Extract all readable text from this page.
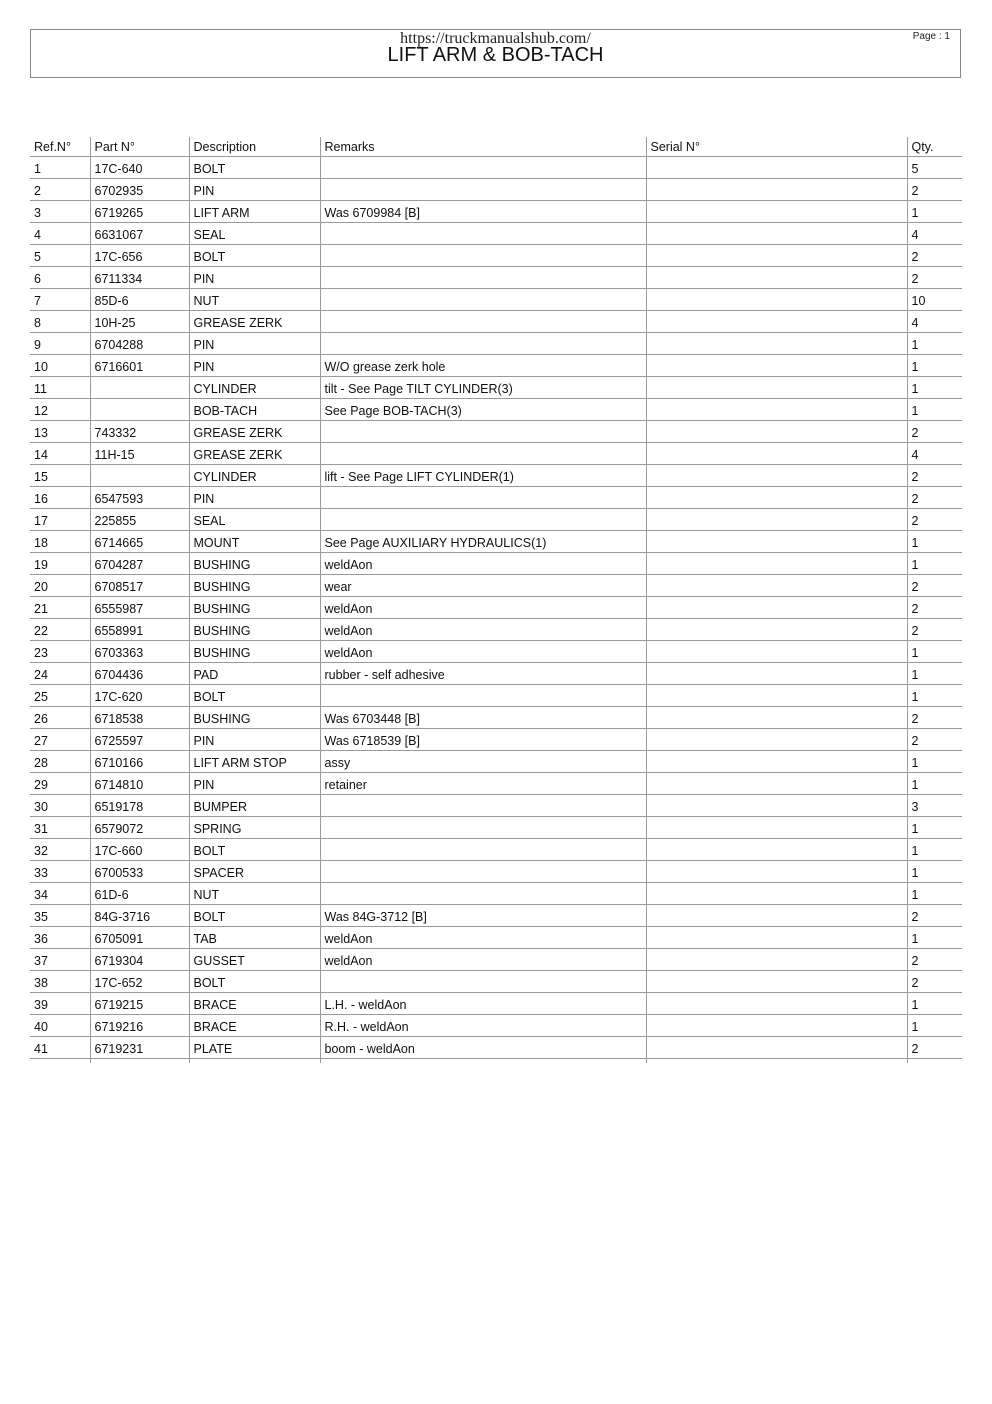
https://truckmanualshub.com/
LIFT ARM & BOB-TACH
Page : 1
Ref.N°	Part N°	Description	Remarks	Serial N°	Qty.
1	17C-640	BOLT			5
2	6702935	PIN			2
3	6719265	LIFT ARM	Was 6709984 [B]		1
4	6631067	SEAL			4
5	17C-656	BOLT			2
6	6711334	PIN			2
7	85D-6	NUT			10
8	10H-25	GREASE ZERK			4
9	6704288	PIN			1
10	6716601	PIN	W/O grease zerk hole		1
11		CYLINDER	tilt - See Page TILT CYLINDER(3)		1
12		BOB-TACH	See Page BOB-TACH(3)		1
13	743332	GREASE ZERK			2
14	11H-15	GREASE ZERK			4
15		CYLINDER	lift - See Page LIFT CYLINDER(1)		2
16	6547593	PIN			2
17	225855	SEAL			2
18	6714665	MOUNT	See Page AUXILIARY HYDRAULICS(1)		1
19	6704287	BUSHING	weldAon		1
20	6708517	BUSHING	wear		2
21	6555987	BUSHING	weldAon		2
22	6558991	BUSHING	weldAon		2
23	6703363	BUSHING	weldAon		1
24	6704436	PAD	rubber - self adhesive		1
25	17C-620	BOLT			1
26	6718538	BUSHING	Was 6703448 [B]		2
27	6725597	PIN	Was 6718539 [B]		2
28	6710166	LIFT ARM STOP	assy		1
29	6714810	PIN	retainer		1
30	6519178	BUMPER			3
31	6579072	SPRING			1
32	17C-660	BOLT			1
33	6700533	SPACER			1
34	61D-6	NUT			1
35	84G-3716	BOLT	Was 84G-3712 [B]		2
36	6705091	TAB	weldAon		1
37	6719304	GUSSET	weldAon		2
38	17C-652	BOLT			2
39	6719215	BRACE	L.H. - weldAon		1
40	6719216	BRACE	R.H. - weldAon		1
41	6719231	PLATE	boom - weldAon		2
